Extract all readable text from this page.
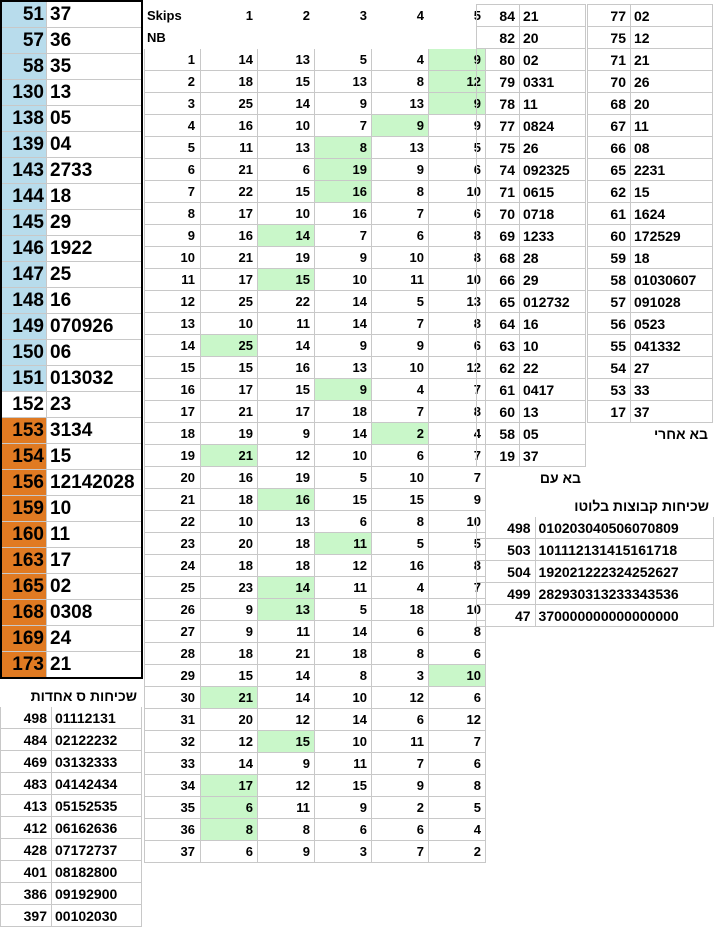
51	37
57	36
58	35
130	13
138	05
139	04
143	2733
144	18
145	29
146	1922
147	25
148	16
149	070926
150	06
151	013032
152	23
153	3134
154	15
156	12142028
159	10
160	11
163	17
165	02
168	0308
169	24
173	21
שכיחות ס אחדות	
498	01112131
484	02122232
469	03132333
483	04142434
413	05152535
412	06162636
428	07172737
401	08182800
386	09192900
397	00102030
Skips	1	2	3	4	5
NB					
1	14	13	5	4	9
2	18	15	13	8	12
3	25	14	9	13	9
4	16	10	7	9	9
5	11	13	8	13	5
6	21	6	19	9	6
7	22	15	16	8	10
8	17	10	16	7	6
9	16	14	7	6	8
10	21	19	9	10	8
11	17	15	10	11	10
12	25	22	14	5	13
13	10	11	14	7	8
14	25	14	9	9	6
15	15	16	13	10	12
16	17	15	9	4	7
17	21	17	18	7	8
18	19	9	14	2	4
19	21	12	10	6	7
20	16	19	5	10	7
21	18	16	15	15	9
22	10	13	6	8	10
23	20	18	11	5	5
24	18	18	12	16	8
25	23	14	11	4	7
26	9	13	5	18	10
27	9	11	14	6	8
28	18	21	18	8	6
29	15	14	8	3	10
30	21	14	10	12	6
31	20	12	14	6	12
32	12	15	10	11	7
33	14	9	11	7	6
34	17	12	15	9	8
35	6	11	9	2	5
36	8	8	6	6	4
37	6	9	3	7	2
84	21
82	20
80	02
79	0331
78	11
77	0824
75	26
74	092325
71	0615
70	0718
69	1233
68	28
66	29
65	012732
64	16
63	10
62	22
61	0417
60	13
58	05
19	37
בא עם	
77	02
75	12
71	21
70	26
68	20
67	11
66	08
65	2231
62	15
61	1624
60	172529
59	18
58	01030607
57	091028
56	0523
55	041332
54	27
53	33
17	37
בא אחרי	
שכיחות קבוצות בלוטו	
498	010203040506070809
503	101112131415161718
504	192021222324252627
499	282930313233343536
47	370000000000000000
